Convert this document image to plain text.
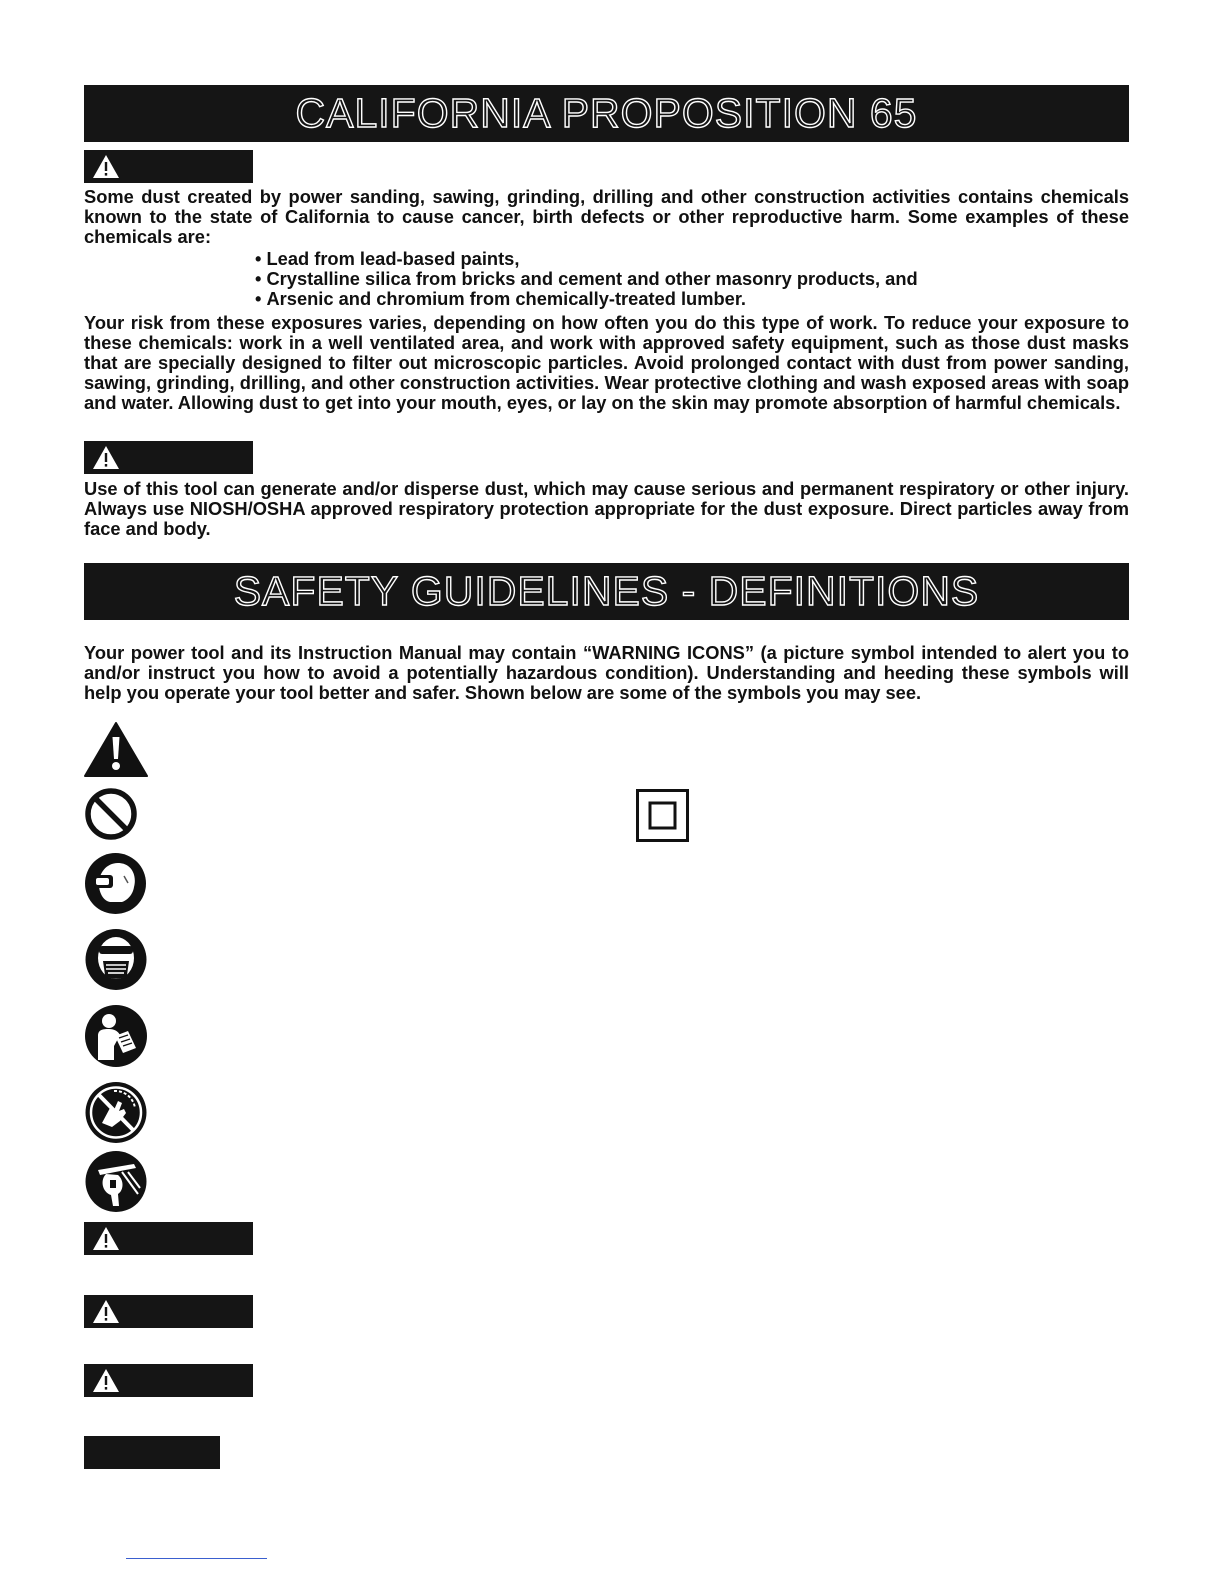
CALIFORNIA PROPOSITION 65

Some dust created by power sanding, sawing, grinding, drilling and other construction activities contains chemicals known to the state of California to cause cancer, birth defects or other reproductive harm. Some examples of these chemicals are:

• Lead from lead-based paints,
• Crystalline silica from bricks and cement and other masonry products, and
• Arsenic and chromium from chemically-treated lumber.

Your risk from these exposures varies, depending on how often you do this type of work. To reduce your exposure to these chemicals: work in a well ventilated area, and work with approved safety equipment, such as those dust masks that are specially designed to filter out microscopic particles. Avoid prolonged contact with dust from power sanding, sawing, grinding, drilling, and other construction activities. Wear protective clothing and wash exposed areas with soap and water. Allowing dust to get into your mouth, eyes, or lay on the skin may promote absorption of harmful chemicals.

Use of this tool can generate and/or disperse dust, which may cause serious and permanent respiratory or other injury. Always use NIOSH/OSHA approved respiratory protection appropriate for the dust exposure. Direct particles away from face and body.

SAFETY GUIDELINES - DEFINITIONS

Your power tool and its Instruction Manual may contain “WARNING ICONS” (a picture symbol intended to alert you to and/or instruct you how to avoid a potentially hazardous condition). Understanding and heeding these symbols will help you operate your tool better and safer. Shown below are some of the symbols you may see.
